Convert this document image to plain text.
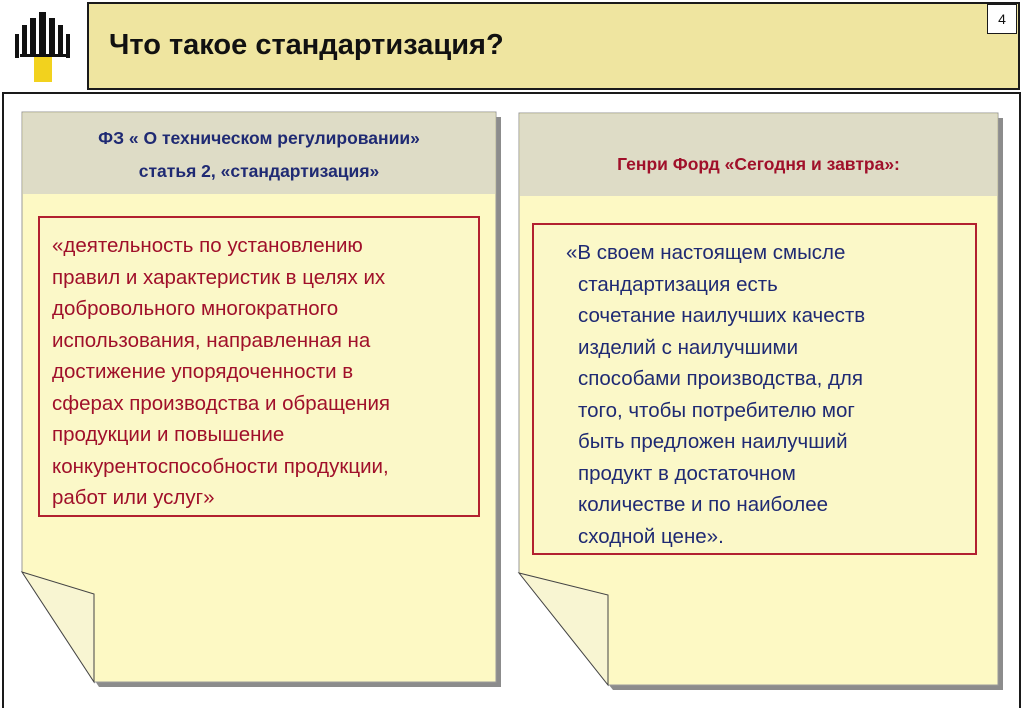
Что такое стандартизация?
4
ФЗ « О техническом регулировании»
статья 2, «стандартизация»
«деятельность по установлению
правил и характеристик в целях их
добровольного многократного
использования, направленная на
достижение упорядоченности в
сферах производства и обращения
продукции и повышение
конкурентоспособности продукции,
работ или услуг»
Генри Форд «Сегодня и завтра»:
«В своем настоящем смысле
стандартизация есть
сочетание наилучших качеств
изделий с наилучшими
способами производства, для
того, чтобы потребителю мог
быть предложен наилучший
продукт в достаточном
количестве и по наиболее
сходной цене».
